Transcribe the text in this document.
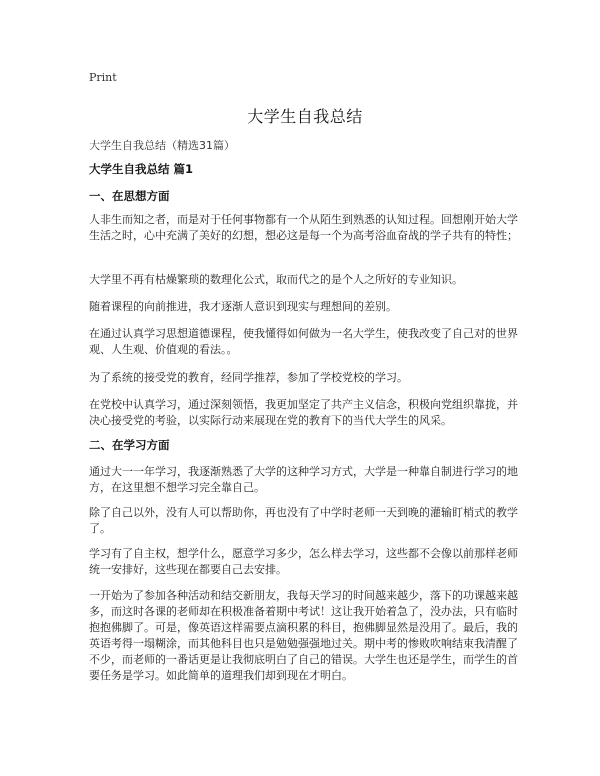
Print
大学生自我总结
大学生自我总结（精选31篇）
大学生自我总结 篇1
一、在思想方面
人非生而知之者，而是对于任何事物都有一个从陌生到熟悉的认知过程。回想刚开始大学生活之时，心中充满了美好的幻想，想必这是每一个为高考浴血奋战的学子共有的特性；
大学里不再有枯燥繁琐的数理化公式，取而代之的是个人之所好的专业知识。
随着课程的向前推进，我才逐渐人意识到现实与理想间的差别。
在通过认真学习思想道德课程，使我懂得如何做为一名大学生，使我改变了自己对的世界观、人生观、价值观的看法。。
为了系统的接受党的教育，经同学推荐，参加了学校党校的学习。
在党校中认真学习，通过深刻领悟，我更加坚定了共产主义信念，积极向党组织靠拢，并决心接受党的考验，以实际行动来展现在党的教育下的当代大学生的风采。
二、在学习方面
通过大一一年学习，我逐渐熟悉了大学的这种学习方式，大学是一种靠自制进行学习的地方，在这里想不想学习完全靠自己。
除了自己以外，没有人可以帮助你，再也没有了中学时老师一天到晚的灌输盯梢式的教学了。
学习有了自主权，想学什么，愿意学习多少，怎么样去学习，这些都不会像以前那样老师统一安排好，这些现在都要自己去安排。
一开始为了参加各种活动和结交新朋友，我每天学习的时间越来越少，落下的功课越来越多，而这时各课的老师却在积极准备着期中考试！这让我开始着急了，没办法，只有临时抱抱佛脚了。可是，像英语这样需要点滴积累的科目，抱佛脚显然是没用了。最后，我的英语考得一塌糊涂，而其他科目也只是勉勉强强地过关。期中考的惨败吹响结束我清醒了不少，而老师的一番话更是让我彻底明白了自己的错误。大学生也还是学生，而学生的首要任务是学习。如此简单的道理我们却到现在才明白。
